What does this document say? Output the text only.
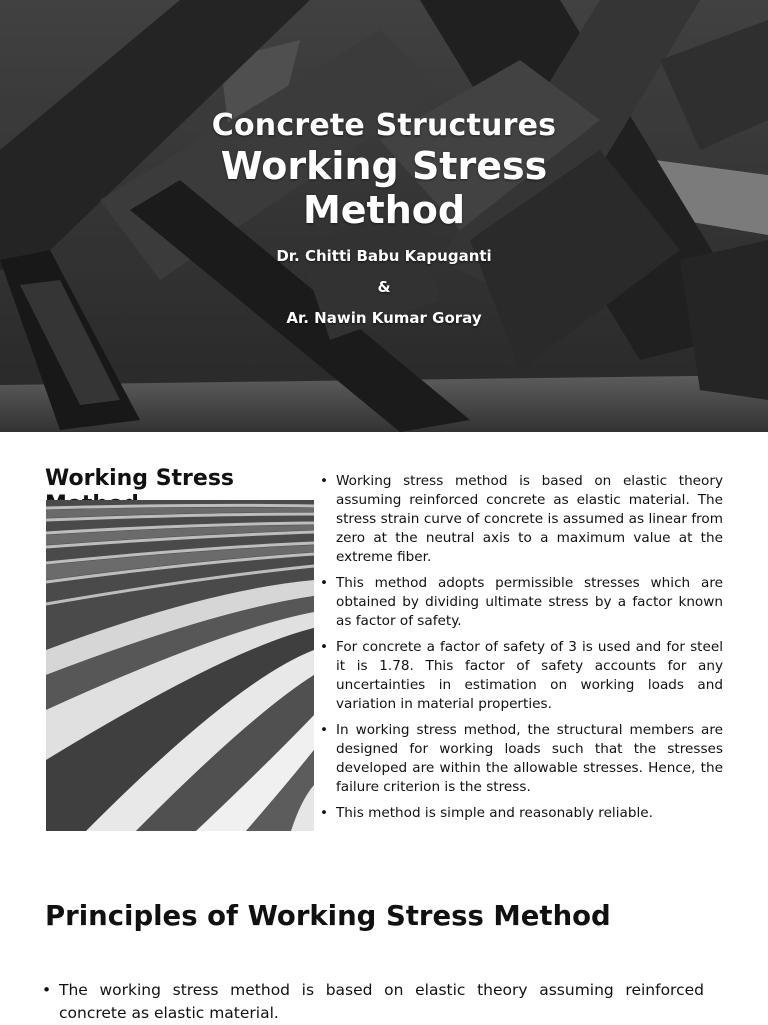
Concrete Structures
Working Stress
Method
Dr. Chitti Babu Kapuganti
&
Ar. Nawin Kumar Goray
Working Stress	• Working stress method is based on elastic theory assuming reinforced concrete as elastic material. The stress strain curve of concrete is assumed as linear from zero at the neutral axis to a maximum value at the extreme fiber.
• This method adopts permissible stresses which are obtained by dividing ultimate stress by a factor known as factor of safety.
• For concrete a factor of safety of 3 is used and for steel it is 1.78. This factor of safety accounts for any uncertainties in estimation on working loads and variation in material properties.
• In working stress method, the structural members are designed for working loads such that the stresses developed are within the allowable stresses. Hence, the failure criterion is the stress.
• This method is simple and reasonably reliable.
Principles of Working Stress Method
• The working stress method is based on elastic theory assuming reinforced concrete as elastic material.
